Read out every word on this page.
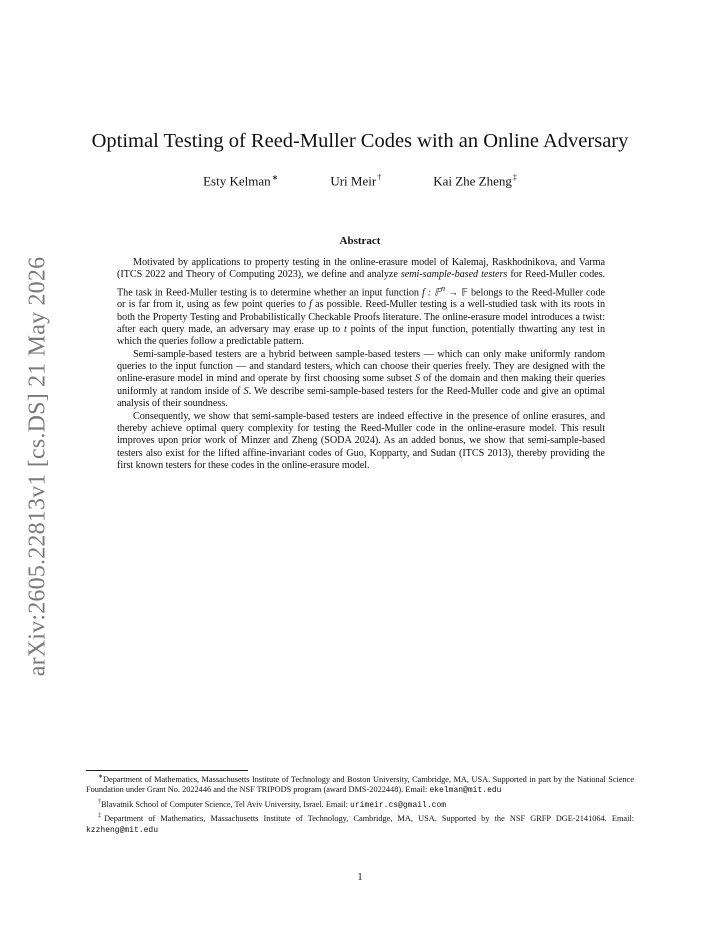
arXiv:2605.22813v1 [cs.DS] 21 May 2026
Optimal Testing of Reed-Muller Codes with an Online Adversary
Esty Kelman∗	Uri Meir†	Kai Zhe Zheng‡
Abstract

Motivated by applications to property testing in the online-erasure model of Kalemaj, Raskhodnikova, and Varma (ITCS 2022 and Theory of Computing 2023), we define and analyze semi-sample-based testers for Reed-Muller codes. The task in Reed-Muller testing is to determine whether an input function f : 𝔽$^n$ → 𝔽 belongs to the Reed-Muller code or is far from it, using as few point queries to f as possible. Reed-Muller testing is a well-studied task with its roots in both the Property Testing and Probabilistically Checkable Proofs literature. The online-erasure model introduces a twist: after each query made, an adversary may erase up to t points of the input function, potentially thwarting any test in which the queries follow a predictable pattern.

Semi-sample-based testers are a hybrid between sample-based testers — which can only make uniformly random queries to the input function — and standard testers, which can choose their queries freely. They are designed with the online-erasure model in mind and operate by first choosing some subset S of the domain and then making their queries uniformly at random inside of S. We describe semi-sample-based testers for the Reed-Muller code and give an optimal analysis of their soundness.

Consequently, we show that semi-sample-based testers are indeed effective in the presence of online erasures, and thereby achieve optimal query complexity for testing the Reed-Muller code in the online-erasure model. This result improves upon prior work of Minzer and Zheng (SODA 2024). As an added bonus, we show that semi-sample-based testers also exist for the lifted affine-invariant codes of Guo, Kopparty, and Sudan (ITCS 2013), thereby providing the first known testers for these codes in the online-erasure model.

∗Department of Mathematics, Massachusetts Institute of Technology and Boston University, Cambridge, MA, USA. Supported in part by the National Science Foundation under Grant No. 2022446 and the NSF TRIPODS program (award DMS-2022448). Email: ekelman@mit.edu

†Blavatnik School of Computer Science, Tel Aviv University, Israel. Email: urimeir.cs@gmail.com

‡Department of Mathematics, Massachusetts Institute of Technology, Cambridge, MA, USA. Supported by the NSF GRFP DGE-2141064. Email: kzzheng@mit.edu

1
